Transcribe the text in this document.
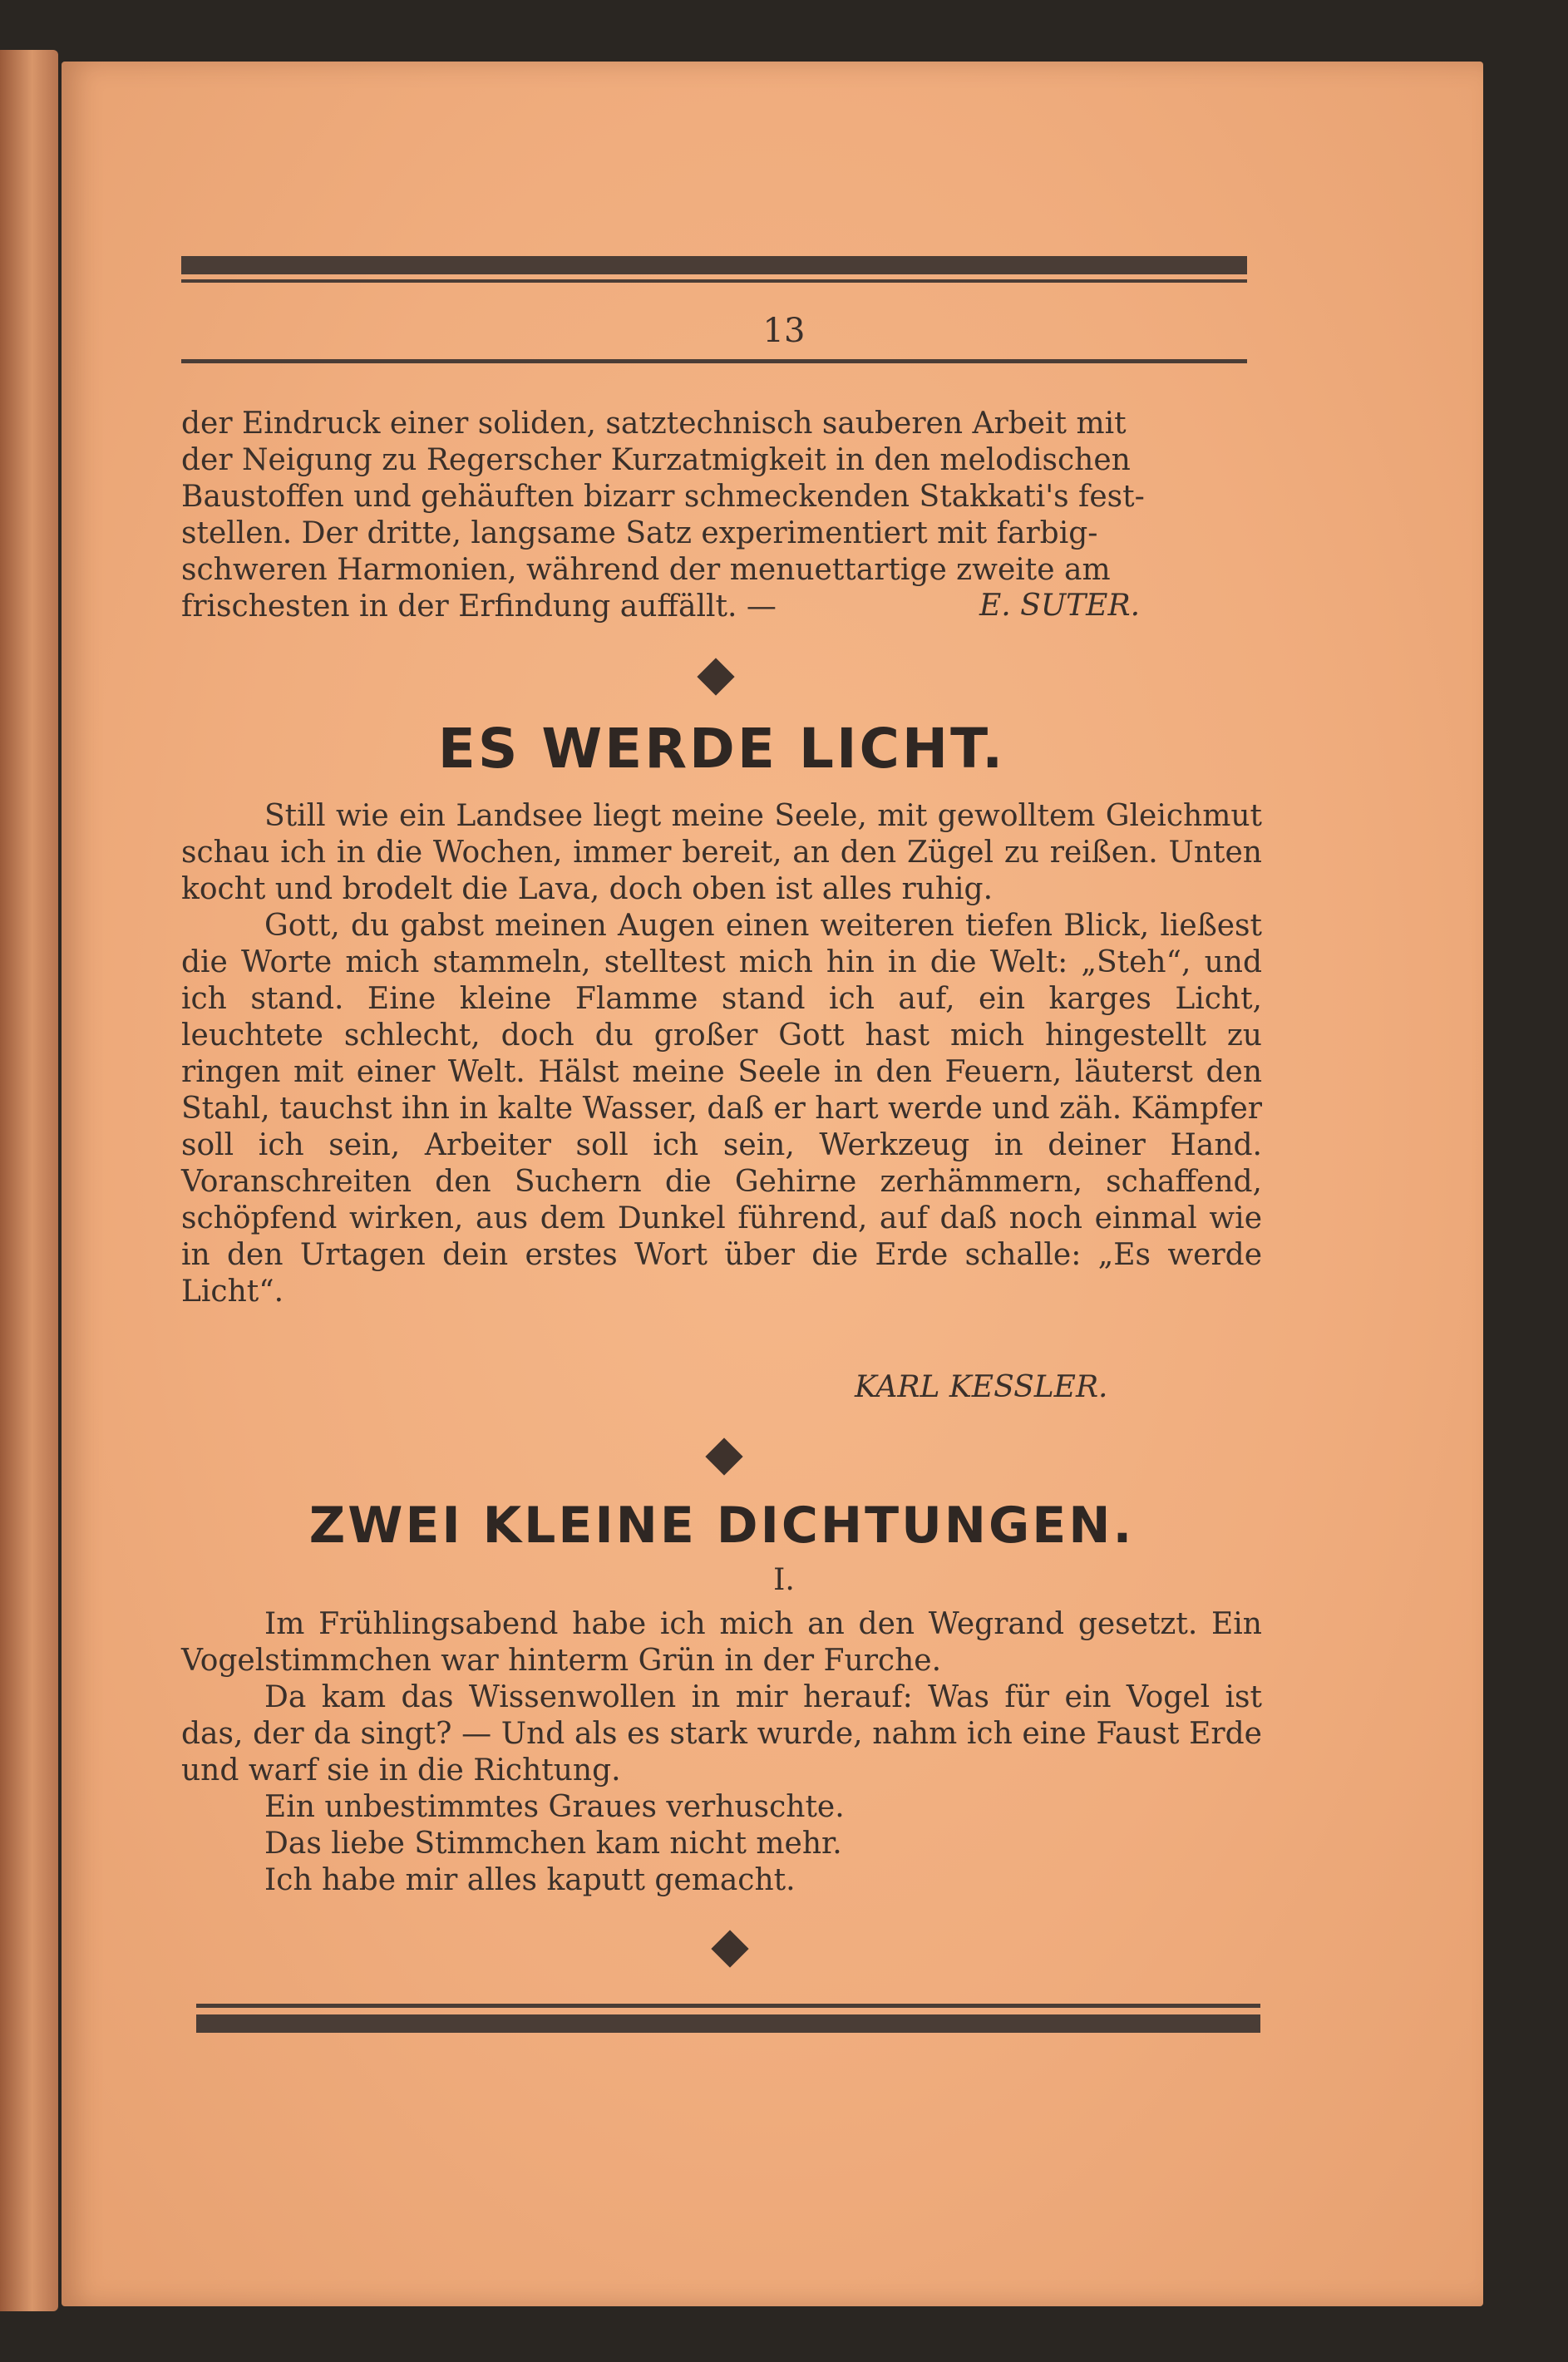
13

der Eindruck einer soliden, satztechnisch sauberen Arbeit mit

der Neigung zu Regerscher Kurzatmigkeit in den melodischen

Baustoffen und gehäuften bizarr schmeckenden Stakkati's fest-

stellen. Der dritte, langsame Satz experimentiert mit farbig-

schweren Harmonien, während der menuettartige zweite am

frischesten in der Erfindung auffällt. —	E. SUTER.
ES WERDE LICHT.

Still wie ein Landsee liegt meine Seele, mit gewolltem Gleichmut schau ich in die Wochen, immer bereit, an den Zügel zu reißen. Unten kocht und brodelt die Lava, doch oben ist alles ruhig.

Gott, du gabst meinen Augen einen weiteren tiefen Blick, ließest die Worte mich stammeln, stelltest mich hin in die Welt: „Steh“, und ich stand. Eine kleine Flamme stand ich auf, ein karges Licht, leuchtete schlecht, doch du großer Gott hast mich hingestellt zu ringen mit einer Welt. Hälst meine Seele in den Feuern, läuterst den Stahl, tauchst ihn in kalte Wasser, daß er hart werde und zäh. Kämpfer soll ich sein, Arbeiter soll ich sein, Werkzeug in deiner Hand. Voranschreiten den Suchern die Gehirne zerhämmern, schaffend, schöpfend wirken, aus dem Dunkel führend, auf daß noch einmal wie in den Urtagen dein erstes Wort über die Erde schalle: „Es werde Licht“.

KARL KESSLER.
ZWEI KLEINE DICHTUNGEN.
I.

Im Frühlingsabend habe ich mich an den Wegrand gesetzt. Ein Vogelstimmchen war hinterm Grün in der Furche.

Da kam das Wissenwollen in mir herauf: Was für ein Vogel ist das, der da singt? — Und als es stark wurde, nahm ich eine Faust Erde und warf sie in die Richtung.

Ein unbestimmtes Graues verhuschte.

Das liebe Stimmchen kam nicht mehr.

Ich habe mir alles kaputt gemacht.
